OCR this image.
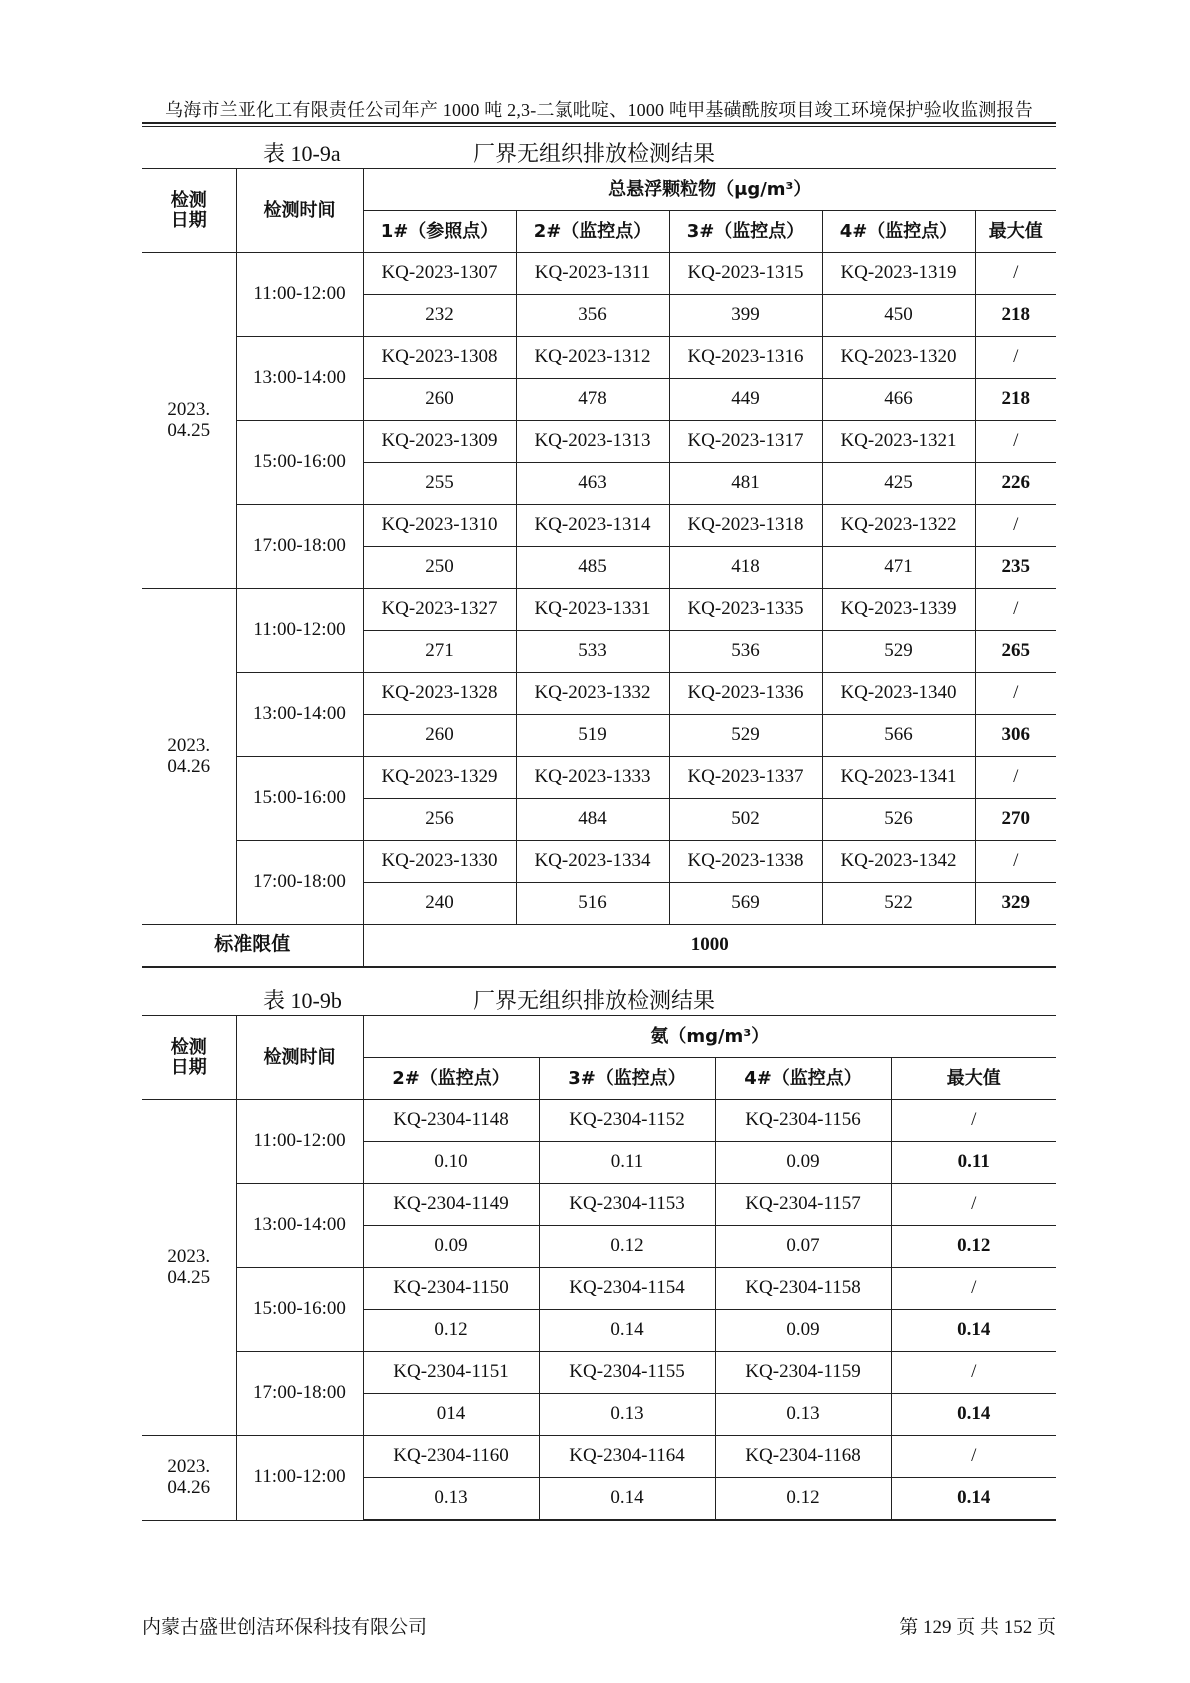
乌海市兰亚化工有限责任公司年产 1000 吨 2,3-二氯吡啶、1000 吨甲基磺酰胺项目竣工环境保护验收监测报告
表 10-9a	厂界无组织排放检测结果
检测
日期	检测时间	总悬浮颗粒物（μg/m³）				
		1#（参照点）	2#（监控点）	3#（监控点）	4#（监控点）	最大值
2023.
04.25	11:00-12:00	KQ-2023-1307	KQ-2023-1311	KQ-2023-1315	KQ-2023-1319	/
		232	356	399	450	218
	13:00-14:00	KQ-2023-1308	KQ-2023-1312	KQ-2023-1316	KQ-2023-1320	/
		260	478	449	466	218
	15:00-16:00	KQ-2023-1309	KQ-2023-1313	KQ-2023-1317	KQ-2023-1321	/
		255	463	481	425	226
	17:00-18:00	KQ-2023-1310	KQ-2023-1314	KQ-2023-1318	KQ-2023-1322	/
		250	485	418	471	235
2023.
04.26	11:00-12:00	KQ-2023-1327	KQ-2023-1331	KQ-2023-1335	KQ-2023-1339	/
		271	533	536	529	265
	13:00-14:00	KQ-2023-1328	KQ-2023-1332	KQ-2023-1336	KQ-2023-1340	/
		260	519	529	566	306
	15:00-16:00	KQ-2023-1329	KQ-2023-1333	KQ-2023-1337	KQ-2023-1341	/
		256	484	502	526	270
	17:00-18:00	KQ-2023-1330	KQ-2023-1334	KQ-2023-1338	KQ-2023-1342	/
		240	516	569	522	329
标准限值		1000				
表 10-9b	厂界无组织排放检测结果
检测
日期	检测时间	氨（mg/m³）			
		2#（监控点）	3#（监控点）	4#（监控点）	最大值
2023.
04.25	11:00-12:00	KQ-2304-1148	KQ-2304-1152	KQ-2304-1156	/
		0.10	0.11	0.09	0.11
	13:00-14:00	KQ-2304-1149	KQ-2304-1153	KQ-2304-1157	/
		0.09	0.12	0.07	0.12
	15:00-16:00	KQ-2304-1150	KQ-2304-1154	KQ-2304-1158	/
		0.12	0.14	0.09	0.14
	17:00-18:00	KQ-2304-1151	KQ-2304-1155	KQ-2304-1159	/
		014	0.13	0.13	0.14
2023.
04.26	11:00-12:00	KQ-2304-1160	KQ-2304-1164	KQ-2304-1168	/
		0.13	0.14	0.12	0.14
内蒙古盛世创洁环保科技有限公司	第 129 页 共 152 页
